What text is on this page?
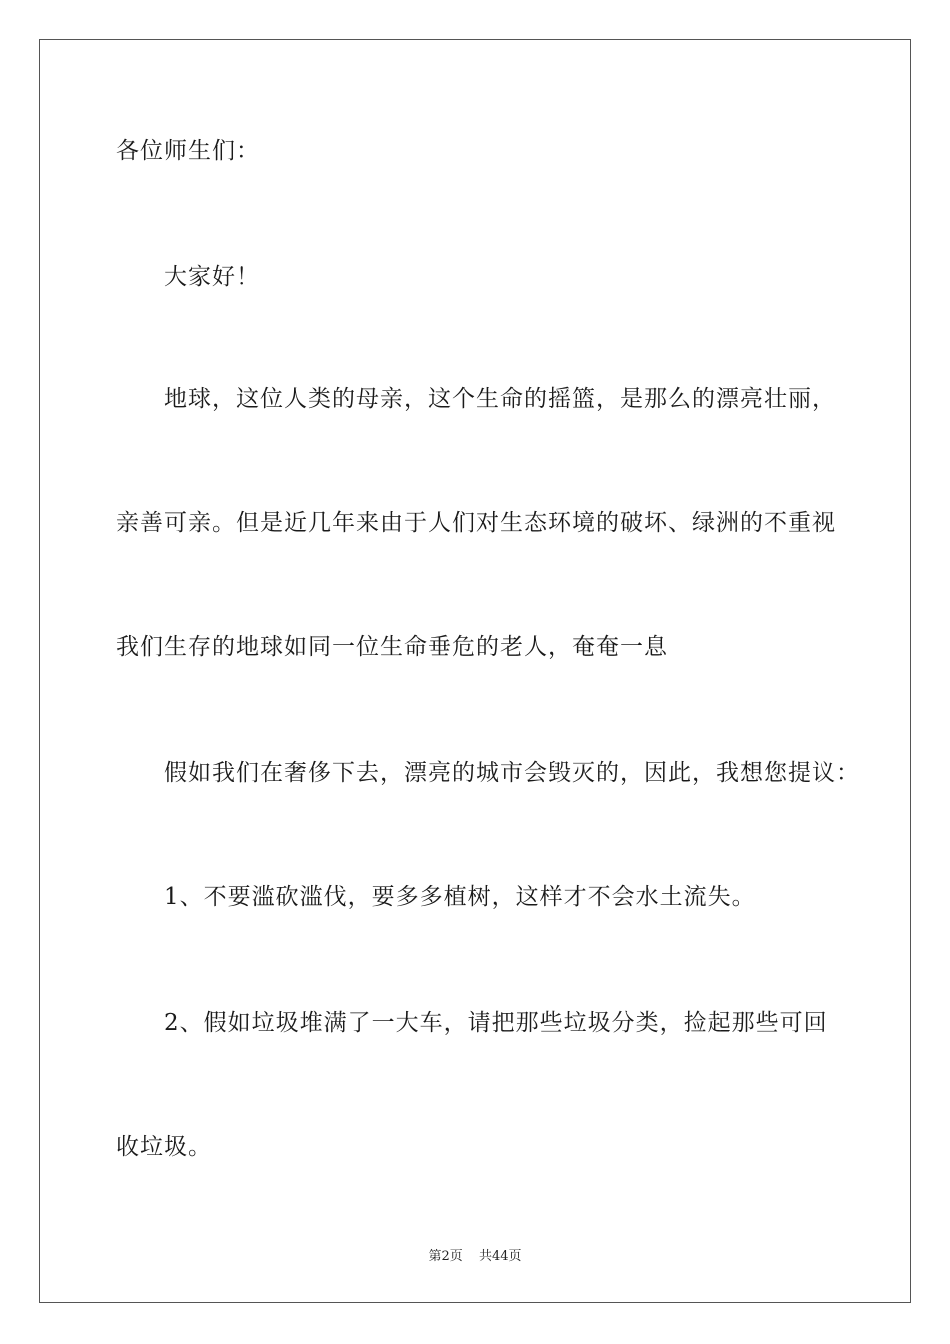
各位师生们：
大家好！
地球，这位人类的母亲，这个生命的摇篮，是那么的漂亮壮丽，
亲善可亲。但是近几年来由于人们对生态环境的破坏、绿洲的不重视
我们生存的地球如同一位生命垂危的老人，奄奄一息
假如我们在奢侈下去，漂亮的城市会毁灭的，因此，我想您提议：
1、不要滥砍滥伐，要多多植树，这样才不会水土流失。
2、假如垃圾堆满了一大车，请把那些垃圾分类，捡起那些可回
收垃圾。
第2页 共44页
